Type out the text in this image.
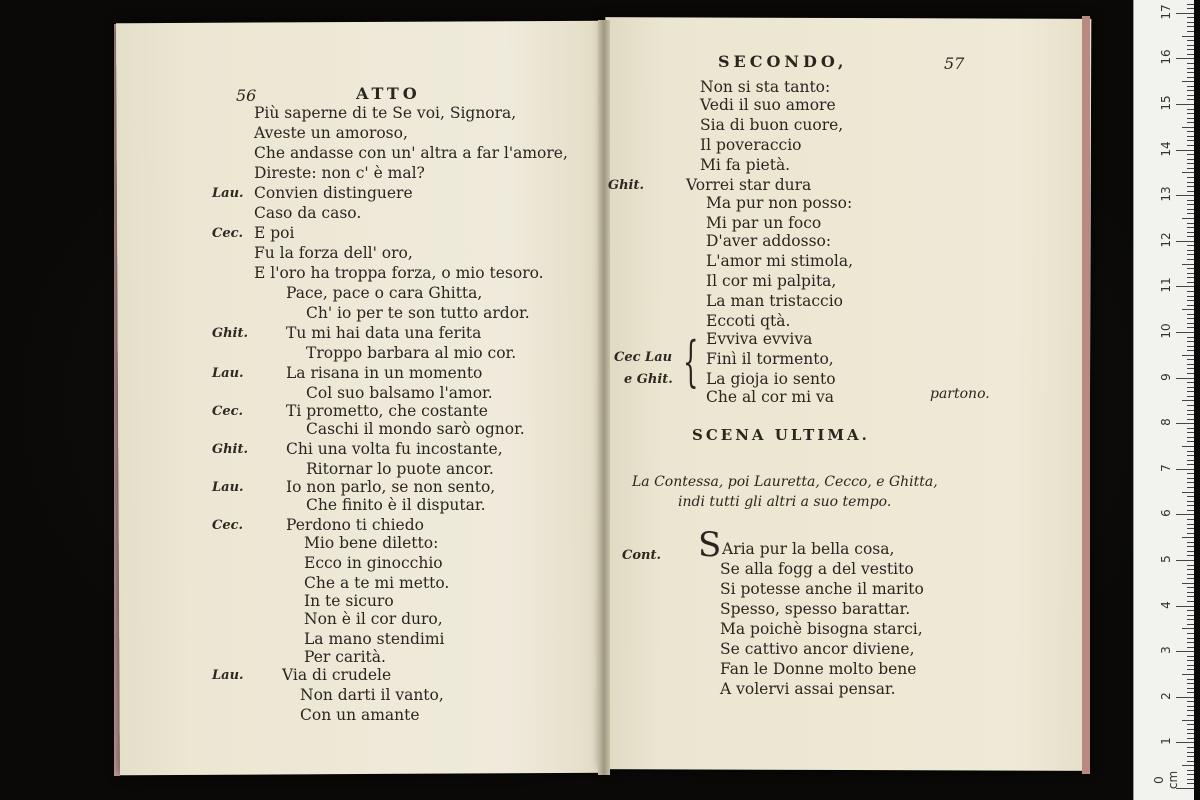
56	ATTO
Più saperne di te Se voi, Signora,
Aveste un amoroso,
Che andasse con un' altra a far l'amore,
Direste: non c' è mal?
Lau. Convien distinguere
Caso da caso.
Cec. E poi
Fu la forza dell' oro,
E l'oro ha troppa forza, o mio tesoro.
Pace, pace o cara Ghitta,
Ch' io per te son tutto ardor.
Ghit. Tu mi hai data una ferita
Troppo barbara al mio cor.
Lau.	La risana in un momento
Col suo balsamo l'amor.
Cec.	Ti prometto, che costante
Caschi il mondo sarò ognor.
Ghit. Chi una volta fu incostante,
Ritornar lo puote ancor.
Lau.	Io non parlo, se non sento,
Che finito è il disputar.
Cec.	Perdono ti chiedo
Mio bene diletto:
Ecco in ginocchio
Che a te mi metto.
In te sicuro
Non è il cor duro,
La mano stendimi
Per carità.
Lau. Via di crudele
Non darti il vanto,
Con un amante
SECONDO,	57
Non si sta tanto:
Vedi il suo amore
Sia di buon cuore,
Il poveraccio
Mi fa pietà.
Ghit.	Vorrei star dura
Ma pur non posso:
Mi par un foco
D'aver addosso:
L'amor mi stimola,
Il cor mi palpita,
La man tristaccio
Eccoti qtà.
Evviva evviva
Finì il tormento,
La gioja io sento
Che al cor mi va
Cec Lau
e Ghit. {
partono.
SCENA ULTIMA.
La Contessa, poi Lauretta, Cecco, e Ghitta,
indi tutti gli altri a suo tempo.
Cont. S Aria pur la bella cosa,
Se alla fogg a del vestito
Si potesse anche il marito
Spesso, spesso barattar.
Ma poichè bisogna starci,
Se cattivo ancor diviene,
Fan le Donne molto bene
A volervi assai pensar.
0 cm
1
2
3
4
5
6
7
8
9
10
11
12
13
14
15
16
17
